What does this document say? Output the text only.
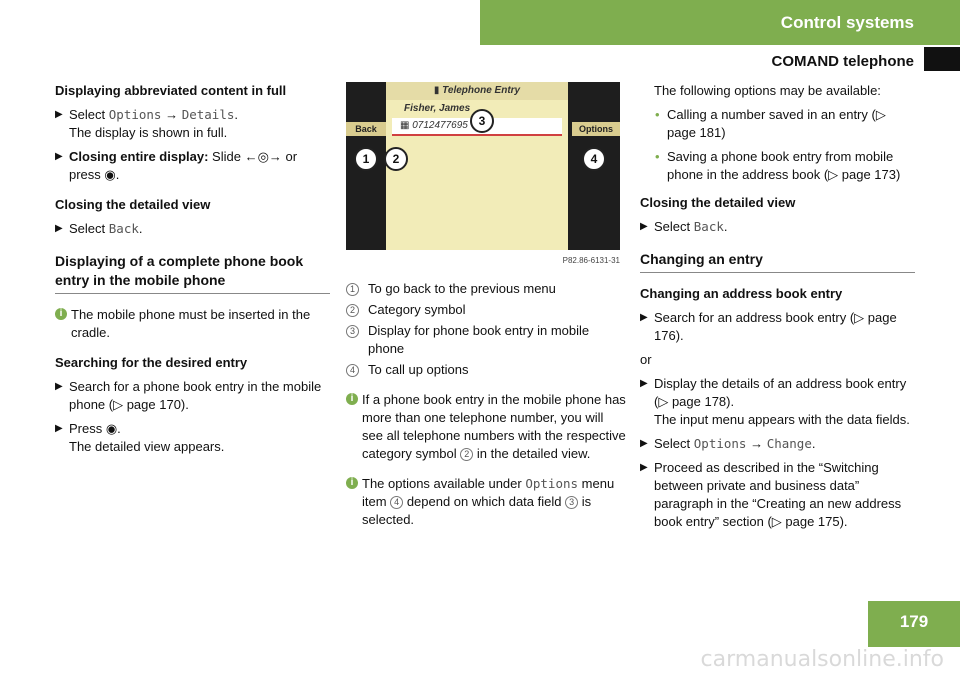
Control systems
COMAND telephone
Displaying abbreviated content in full
▶ Select Options → Details.
The display is shown in full.
▶ Closing entire display: Slide ←◎→ or press ◉.
Closing the detailed view
▶ Select Back.
Displaying of a complete phone book entry in the mobile phone
i The mobile phone must be inserted in the cradle.
Searching for the desired entry
▶ Search for a phone book entry in the mobile phone (▷ page 170).
▶ Press ◉.
The detailed view appears.
▮ Telephone Entry
Fisher, James
▦ 0712477695
Back	Options
1	2
3
4
P82.86-6131-31
1	To go back to the previous menu
2	Category symbol
3	Display for phone book entry in mobile phone
4	To call up options
i If a phone book entry in the mobile phone has more than one telephone number, you will see all telephone numbers with the respective category symbol 2 in the detailed view.
i The options available under Options menu item 4 depend on which data field 3 is selected.

The following options may be available:

• Calling a number saved in an entry (▷ page 181)
• Saving a phone book entry from mobile phone in the address book (▷ page 173)
Closing the detailed view
▶ Select Back.
Changing an entry
Changing an address book entry
▶ Search for an address book entry (▷ page 176).

or

▶ Display the details of an address book entry (▷ page 178).
The input menu appears with the data fields.
▶ Select Options → Change.
▶ Proceed as described in the “Switching between private and business data” paragraph in the “Creating an new address book entry” section (▷ page 175).
179
carmanualsonline.info
